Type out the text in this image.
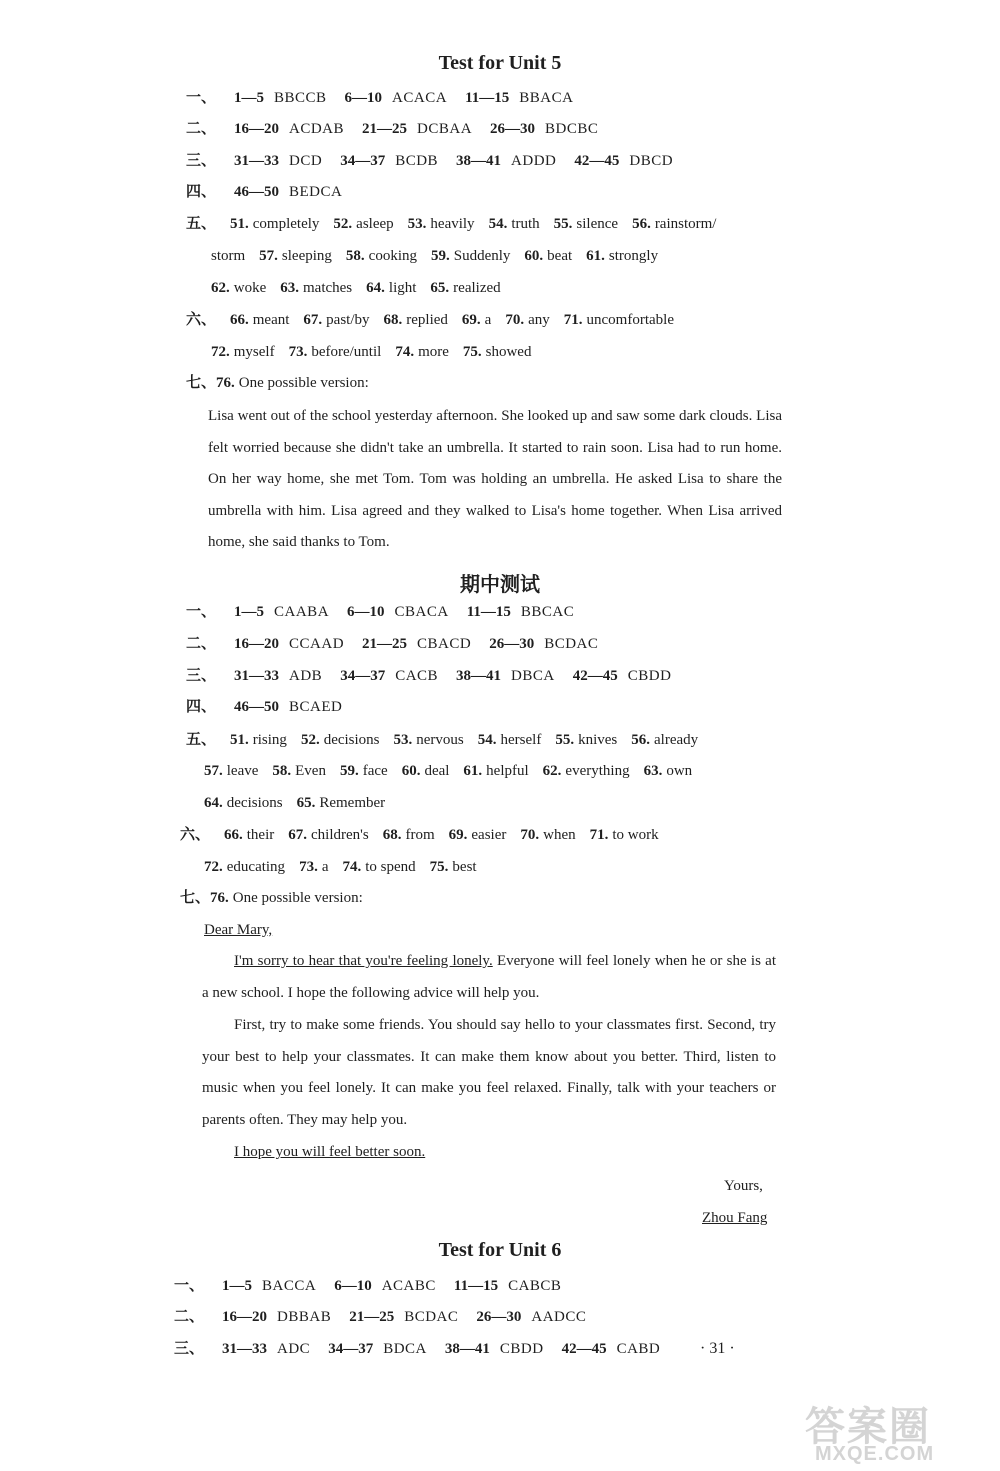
Test for Unit 5
一、 1—5 BBCCB 6—10 ACACA 11—15 BBACA
二、 16—20 ACDAB 21—25 DCBAA 26—30 BDCBC
三、 31—33 DCD 34—37 BCDB 38—41 ADDD 42—45 DBCD
四、 46—50 BEDCA
五、 51. completely 52. asleep 53. heavily 54. truth 55. silence 56. rainstorm/
storm 57. sleeping 58. cooking 59. Suddenly 60. beat 61. strongly
62. woke 63. matches 64. light 65. realized
六、 66. meant 67. past/by 68. replied 69. a 70. any 71. uncomfortable
72. myself 73. before/until 74. more 75. showed
七、76. One possible version:
Lisa went out of the school yesterday afternoon. She looked up and saw some dark clouds. Lisa felt worried because she didn't take an umbrella. It started to rain soon. Lisa had to run home. On her way home, she met Tom. Tom was holding an umbrella. He asked Lisa to share the umbrella with him. Lisa agreed and they walked to Lisa's home together. When Lisa arrived home, she said thanks to Tom.
期中测试
一、 1—5 CAABA 6—10 CBACA 11—15 BBCAC
二、 16—20 CCAAD 21—25 CBACD 26—30 BCDAC
三、 31—33 ADB 34—37 CACB 38—41 DBCA 42—45 CBDD
四、 46—50 BCAED
五、 51. rising 52. decisions 53. nervous 54. herself 55. knives 56. already
57. leave 58. Even 59. face 60. deal 61. helpful 62. everything 63. own
64. decisions 65. Remember
六、 66. their 67. children's 68. from 69. easier 70. when 71. to work
72. educating 73. a 74. to spend 75. best
七、76. One possible version:
Dear Mary,
I'm sorry to hear that you're feeling lonely. Everyone will feel lonely when he or she is at a new school. I hope the following advice will help you.
First, try to make some friends. You should say hello to your classmates first. Second, try your best to help your classmates. It can make them know about you better. Third, listen to music when you feel lonely. It can make you feel relaxed. Finally, talk with your teachers or parents often. They may help you.
I hope you will feel better soon.
Yours,
Zhou Fang
Test for Unit 6
一、 1—5 BACCA 6—10 ACABC 11—15 CABCB
二、 16—20 DBBAB 21—25 BCDAC 26—30 AADCC
三、 31—33 ADC 34—37 BDCA 38—41 CBDD 42—45 CABD · 31 ·
答案圈
MXQE.COM
